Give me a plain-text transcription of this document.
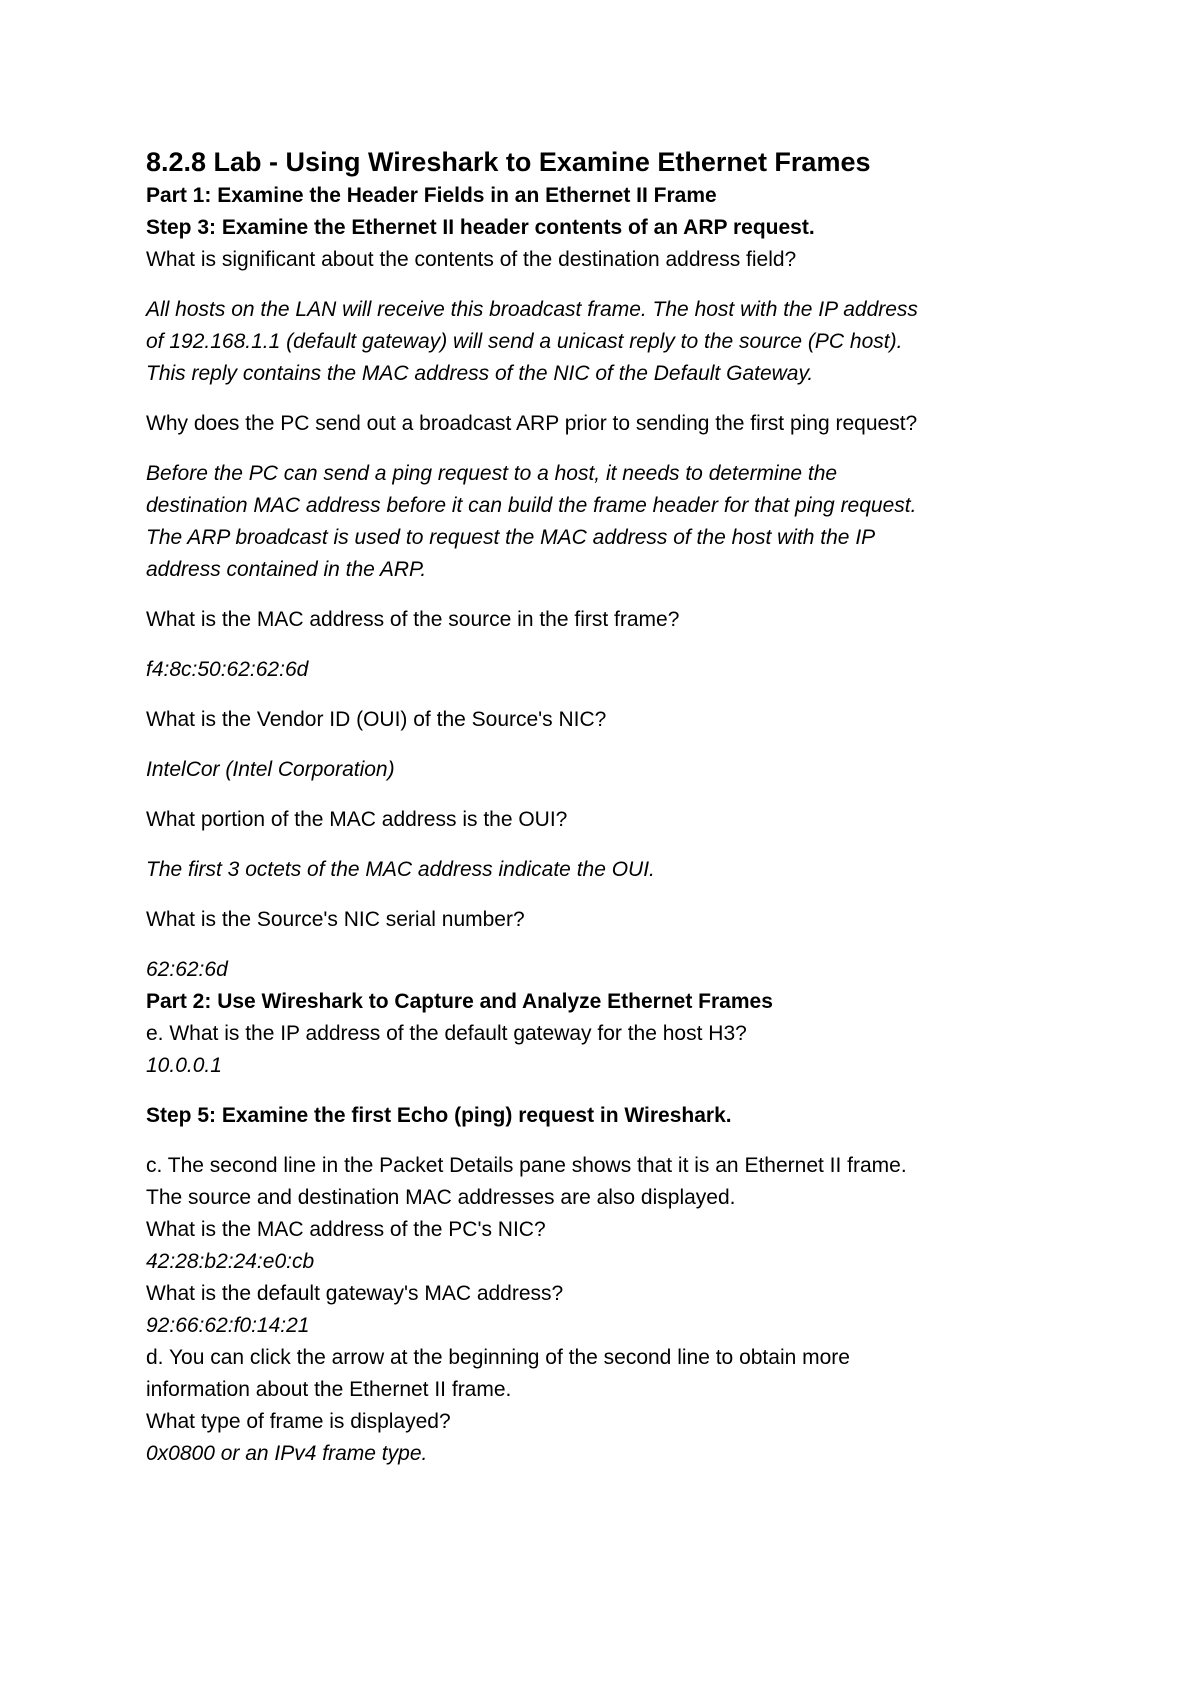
8.2.8 Lab - Using Wireshark to Examine Ethernet Frames

Part 1: Examine the Header Fields in an Ethernet II Frame

Step 3: Examine the Ethernet II header contents of an ARP request.

What is significant about the contents of the destination address field?

All hosts on the LAN will receive this broadcast frame. The host with the IP address

of 192.168.1.1 (default gateway) will send a unicast reply to the source (PC host).

This reply contains the MAC address of the NIC of the Default Gateway.

Why does the PC send out a broadcast ARP prior to sending the first ping request?

Before the PC can send a ping request to a host, it needs to determine the

destination MAC address before it can build the frame header for that ping request.

The ARP broadcast is used to request the MAC address of the host with the IP

address contained in the ARP.

What is the MAC address of the source in the first frame?

f4:8c:50:62:62:6d

What is the Vendor ID (OUI) of the Source's NIC?

IntelCor (Intel Corporation)

What portion of the MAC address is the OUI?

The first 3 octets of the MAC address indicate the OUI.

What is the Source's NIC serial number?

62:62:6d

Part 2: Use Wireshark to Capture and Analyze Ethernet Frames

e. What is the IP address of the default gateway for the host H3?

10.0.0.1

Step 5: Examine the first Echo (ping) request in Wireshark.

c. The second line in the Packet Details pane shows that it is an Ethernet II frame.

The source and destination MAC addresses are also displayed.

What is the MAC address of the PC's NIC?

42:28:b2:24:e0:cb

What is the default gateway's MAC address?

92:66:62:f0:14:21

d. You can click the arrow at the beginning of the second line to obtain more

information about the Ethernet II frame.

What type of frame is displayed?

0x0800 or an IPv4 frame type.
